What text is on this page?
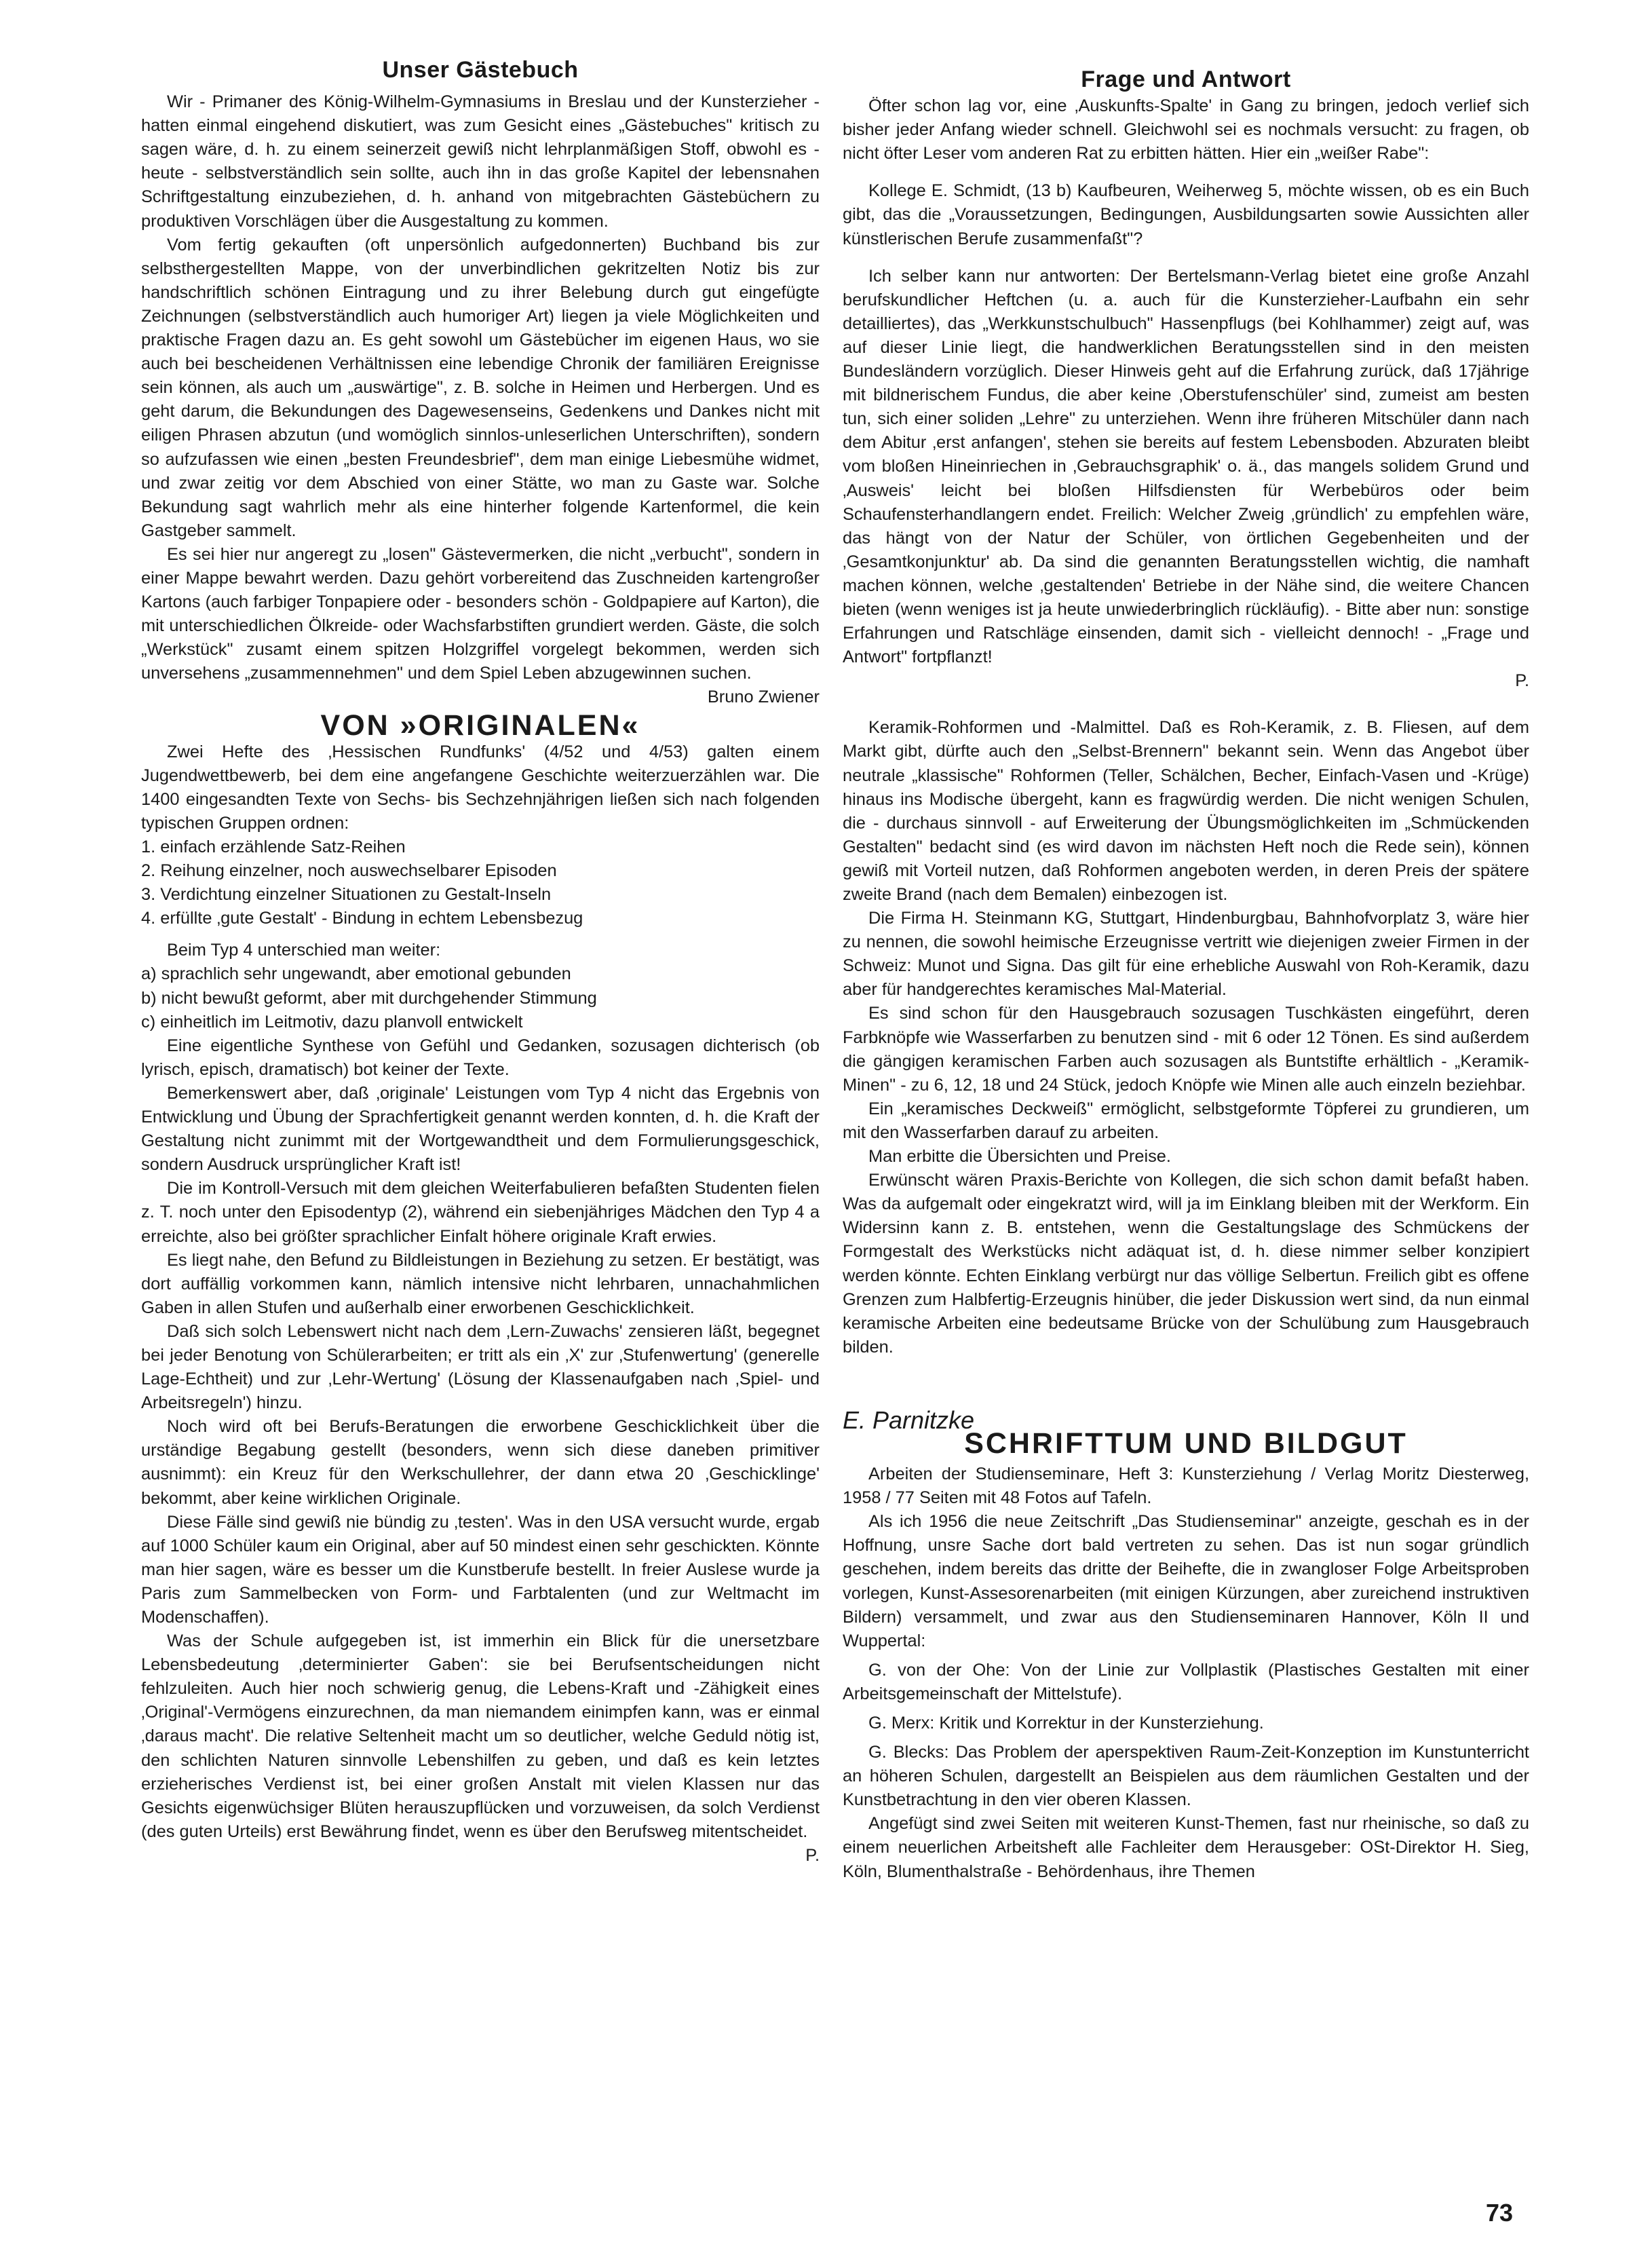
Unser Gästebuch

Wir - Primaner des König-Wilhelm-Gymnasiums in Breslau und der Kunsterzieher - hatten einmal eingehend diskutiert, was zum Gesicht eines „Gästebuches" kritisch zu sagen wäre, d. h. zu einem seinerzeit gewiß nicht lehrplanmäßigen Stoff, obwohl es - heute - selbstverständlich sein sollte, auch ihn in das große Kapitel der lebensnahen Schriftgestaltung einzubeziehen, d. h. anhand von mitgebrachten Gästebüchern zu produktiven Vorschlägen über die Ausgestaltung zu kommen.

Vom fertig gekauften (oft unpersönlich aufgedonnerten) Buchband bis zur selbsthergestellten Mappe, von der unverbindlichen gekritzelten Notiz bis zur handschriftlich schönen Eintragung und zu ihrer Belebung durch gut eingefügte Zeichnungen (selbstverständlich auch humoriger Art) liegen ja viele Möglichkeiten und praktische Fragen dazu an. Es geht sowohl um Gästebücher im eigenen Haus, wo sie auch bei bescheidenen Verhältnissen eine lebendige Chronik der familiären Ereignisse sein können, als auch um „auswärtige", z. B. solche in Heimen und Herbergen. Und es geht darum, die Bekundungen des Dagewesenseins, Gedenkens und Dankes nicht mit eiligen Phrasen abzutun (und womöglich sinnlos-unleserlichen Unterschriften), sondern so aufzufassen wie einen „besten Freundesbrief", dem man einige Liebesmühe widmet, und zwar zeitig vor dem Abschied von einer Stätte, wo man zu Gaste war. Solche Bekundung sagt wahrlich mehr als eine hinterher folgende Kartenformel, die kein Gastgeber sammelt.

Es sei hier nur angeregt zu „losen" Gästevermerken, die nicht „verbucht", sondern in einer Mappe bewahrt werden. Dazu gehört vorbereitend das Zuschneiden kartengroßer Kartons (auch farbiger Tonpapiere oder - besonders schön - Goldpapiere auf Karton), die mit unterschiedlichen Ölkreide- oder Wachsfarbstiften grundiert werden. Gäste, die solch „Werkstück" zusamt einem spitzen Holzgriffel vorgelegt bekommen, werden sich unversehens „zusammennehmen" und dem Spiel Leben abzugewinnen suchen.

Bruno Zwiener

VON »ORIGINALEN«

Zwei Hefte des ‚Hessischen Rundfunks' (4/52 und 4/53) galten einem Jugendwettbewerb, bei dem eine angefangene Geschichte weiterzuerzählen war. Die 1400 eingesandten Texte von Sechs- bis Sechzehnjährigen ließen sich nach folgenden typischen Gruppen ordnen:

1. einfach erzählende Satz-Reihen

2. Reihung einzelner, noch auswechselbarer Episoden

3. Verdichtung einzelner Situationen zu Gestalt-Inseln

4. erfüllte ‚gute Gestalt' - Bindung in echtem Lebensbezug

Beim Typ 4 unterschied man weiter:

a) sprachlich sehr ungewandt, aber emotional gebunden

b) nicht bewußt geformt, aber mit durchgehender Stimmung

c) einheitlich im Leitmotiv, dazu planvoll entwickelt

Eine eigentliche Synthese von Gefühl und Gedanken, sozusagen dichterisch (ob lyrisch, episch, dramatisch) bot keiner der Texte.

Bemerkenswert aber, daß ‚originale' Leistungen vom Typ 4 nicht das Ergebnis von Entwicklung und Übung der Sprachfertigkeit genannt werden konnten, d. h. die Kraft der Gestaltung nicht zunimmt mit der Wortgewandtheit und dem Formulierungsgeschick, sondern Ausdruck ursprünglicher Kraft ist!

Die im Kontroll-Versuch mit dem gleichen Weiterfabulieren befaßten Studenten fielen z. T. noch unter den Episodentyp (2), während ein siebenjähriges Mädchen den Typ 4 a erreichte, also bei größter sprachlicher Einfalt höhere originale Kraft erwies.

Es liegt nahe, den Befund zu Bildleistungen in Beziehung zu setzen. Er bestätigt, was dort auffällig vorkommen kann, nämlich intensive nicht lehrbaren, unnachahmlichen Gaben in allen Stufen und außerhalb einer erworbenen Geschicklichkeit.

Daß sich solch Lebenswert nicht nach dem ‚Lern-Zuwachs' zensieren läßt, begegnet bei jeder Benotung von Schülerarbeiten; er tritt als ein ‚X' zur ‚Stufenwertung' (generelle Lage-Echtheit) und zur ‚Lehr-Wertung' (Lösung der Klassenaufgaben nach ‚Spiel- und Arbeitsregeln') hinzu.

Noch wird oft bei Berufs-Beratungen die erworbene Geschicklichkeit über die urständige Begabung gestellt (besonders, wenn sich diese daneben primitiver ausnimmt): ein Kreuz für den Werkschullehrer, der dann etwa 20 ‚Geschicklinge' bekommt, aber keine wirklichen Originale.

Diese Fälle sind gewiß nie bündig zu ‚testen'. Was in den USA versucht wurde, ergab auf 1000 Schüler kaum ein Original, aber auf 50 mindest einen sehr geschickten. Könnte man hier sagen, wäre es besser um die Kunstberufe bestellt. In freier Auslese wurde ja Paris zum Sammelbecken von Form- und Farbtalenten (und zur Weltmacht im Modenschaffen).

Was der Schule aufgegeben ist, ist immerhin ein Blick für die unersetzbare Lebensbedeutung ‚determinierter Gaben': sie bei Berufsentscheidungen nicht fehlzuleiten. Auch hier noch schwierig genug, die Lebens-Kraft und -Zähigkeit eines ‚Original'-Vermögens einzurechnen, da man niemandem einimpfen kann, was er einmal ‚daraus macht'. Die relative Seltenheit macht um so deutlicher, welche Geduld nötig ist, den schlichten Naturen sinnvolle Lebenshilfen zu geben, und daß es kein letztes erzieherisches Verdienst ist, bei einer großen Anstalt mit vielen Klassen nur das Gesichts eigenwüchsiger Blüten herauszupflücken und vorzuweisen, da solch Verdienst (des guten Urteils) erst Bewährung findet, wenn es über den Berufsweg mitentscheidet.

P.

Frage und Antwort

Öfter schon lag vor, eine ‚Auskunfts-Spalte' in Gang zu bringen, jedoch verlief sich bisher jeder Anfang wieder schnell. Gleichwohl sei es nochmals versucht: zu fragen, ob nicht öfter Leser vom anderen Rat zu erbitten hätten. Hier ein „weißer Rabe":

Kollege E. Schmidt, (13 b) Kaufbeuren, Weiherweg 5, möchte wissen, ob es ein Buch gibt, das die „Voraussetzungen, Bedingungen, Ausbildungsarten sowie Aussichten aller künstlerischen Berufe zusammenfaßt"?

Ich selber kann nur antworten: Der Bertelsmann-Verlag bietet eine große Anzahl berufskundlicher Heftchen (u. a. auch für die Kunsterzieher-Laufbahn ein sehr detailliertes), das „Werkkunstschulbuch" Hassenpflugs (bei Kohlhammer) zeigt auf, was auf dieser Linie liegt, die handwerklichen Beratungsstellen sind in den meisten Bundesländern vorzüglich. Dieser Hinweis geht auf die Erfahrung zurück, daß 17jährige mit bildnerischem Fundus, die aber keine ‚Oberstufenschüler' sind, zumeist am besten tun, sich einer soliden „Lehre" zu unterziehen. Wenn ihre früheren Mitschüler dann nach dem Abitur ‚erst anfangen', stehen sie bereits auf festem Lebensboden. Abzuraten bleibt vom bloßen Hineinriechen in ‚Gebrauchsgraphik' o. ä., das mangels solidem Grund und ‚Ausweis' leicht bei bloßen Hilfsdiensten für Werbebüros oder beim Schaufensterhandlangern endet. Freilich: Welcher Zweig ‚gründlich' zu empfehlen wäre, das hängt von der Natur der Schüler, von örtlichen Gegebenheiten und der ‚Gesamtkonjunktur' ab. Da sind die genannten Beratungsstellen wichtig, die namhaft machen können, welche ‚gestaltenden' Betriebe in der Nähe sind, die weitere Chancen bieten (wenn weniges ist ja heute unwiederbringlich rückläufig). - Bitte aber nun: sonstige Erfahrungen und Ratschläge einsenden, damit sich - vielleicht dennoch! - „Frage und Antwort" fortpflanzt!

P.

Keramik-Rohformen und -Malmittel. Daß es Roh-Keramik, z. B. Fliesen, auf dem Markt gibt, dürfte auch den „Selbst-Brennern" bekannt sein. Wenn das Angebot über neutrale „klassische" Rohformen (Teller, Schälchen, Becher, Einfach-Vasen und -Krüge) hinaus ins Modische übergeht, kann es fragwürdig werden. Die nicht wenigen Schulen, die - durchaus sinnvoll - auf Erweiterung der Übungsmöglichkeiten im „Schmückenden Gestalten" bedacht sind (es wird davon im nächsten Heft noch die Rede sein), können gewiß mit Vorteil nutzen, daß Rohformen angeboten werden, in deren Preis der spätere zweite Brand (nach dem Bemalen) einbezogen ist.

Die Firma H. Steinmann KG, Stuttgart, Hindenburgbau, Bahnhofvorplatz 3, wäre hier zu nennen, die sowohl heimische Erzeugnisse vertritt wie diejenigen zweier Firmen in der Schweiz: Munot und Signa. Das gilt für eine erhebliche Auswahl von Roh-Keramik, dazu aber für handgerechtes keramisches Mal-Material.

Es sind schon für den Hausgebrauch sozusagen Tuschkästen eingeführt, deren Farbknöpfe wie Wasserfarben zu benutzen sind - mit 6 oder 12 Tönen. Es sind außerdem die gängigen keramischen Farben auch sozusagen als Buntstifte erhältlich - „Keramik-Minen" - zu 6, 12, 18 und 24 Stück, jedoch Knöpfe wie Minen alle auch einzeln beziehbar.

Ein „keramisches Deckweiß" ermöglicht, selbstgeformte Töpferei zu grundieren, um mit den Wasserfarben darauf zu arbeiten.

Man erbitte die Übersichten und Preise.

Erwünscht wären Praxis-Berichte von Kollegen, die sich schon damit befaßt haben. Was da aufgemalt oder eingekratzt wird, will ja im Einklang bleiben mit der Werkform. Ein Widersinn kann z. B. entstehen, wenn die Gestaltungslage des Schmückens der Formgestalt des Werkstücks nicht adäquat ist, d. h. diese nimmer selber konzipiert werden könnte. Echten Einklang verbürgt nur das völlige Selbertun. Freilich gibt es offene Grenzen zum Halbfertig-Erzeugnis hinüber, die jeder Diskussion wert sind, da nun einmal keramische Arbeiten eine bedeutsame Brücke von der Schulübung zum Hausgebrauch bilden.

E. Parnitzke

SCHRIFTTUM UND BILDGUT

Arbeiten der Studienseminare, Heft 3: Kunsterziehung / Verlag Moritz Diesterweg, 1958 / 77 Seiten mit 48 Fotos auf Tafeln.

Als ich 1956 die neue Zeitschrift „Das Studienseminar" anzeigte, geschah es in der Hoffnung, unsre Sache dort bald vertreten zu sehen. Das ist nun sogar gründlich geschehen, indem bereits das dritte der Beihefte, die in zwangloser Folge Arbeitsproben vorlegen, Kunst-Assesorenarbeiten (mit einigen Kürzungen, aber zureichend instruktiven Bildern) versammelt, und zwar aus den Studienseminaren Hannover, Köln II und Wuppertal:

G. von der Ohe: Von der Linie zur Vollplastik (Plastisches Gestalten mit einer Arbeitsgemeinschaft der Mittelstufe).

G. Merx: Kritik und Korrektur in der Kunsterziehung.

G. Blecks: Das Problem der aperspektiven Raum-Zeit-Konzeption im Kunstunterricht an höheren Schulen, dargestellt an Beispielen aus dem räumlichen Gestalten und der Kunstbetrachtung in den vier oberen Klassen.

Angefügt sind zwei Seiten mit weiteren Kunst-Themen, fast nur rheinische, so daß zu einem neuerlichen Arbeitsheft alle Fachleiter dem Herausgeber: OSt-Direktor H. Sieg, Köln, Blumenthalstraße - Behördenhaus, ihre Themen

73
